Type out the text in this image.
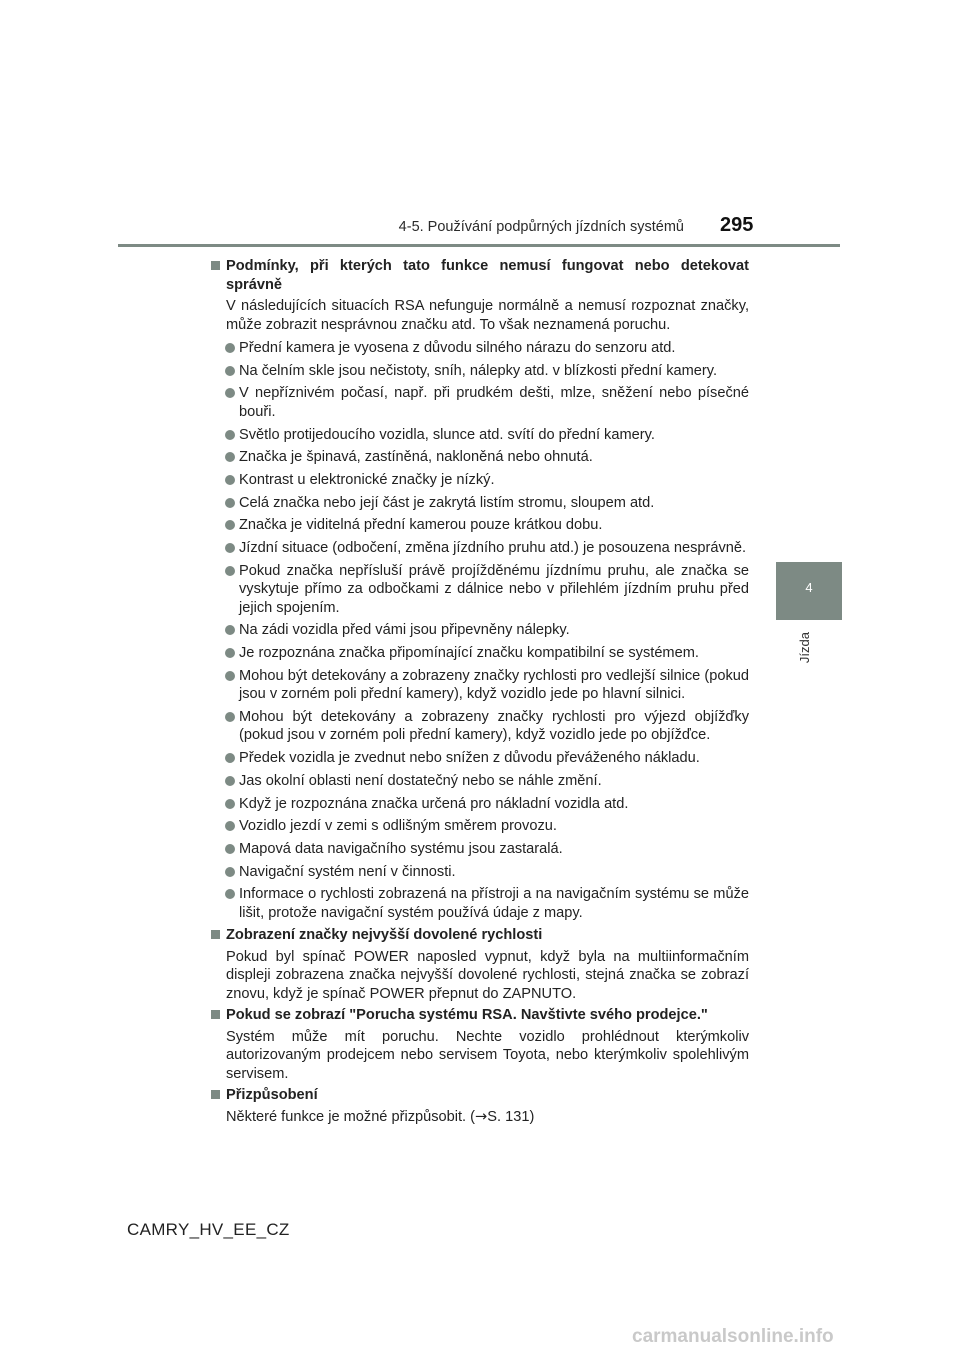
4-5. Používání podpůrných jízdních systémů 295
4
Jízda
Podmínky, při kterých tato funkce nemusí fungovat nebo detekovat správně
V následujících situacích RSA nefunguje normálně a nemusí rozpoznat značky, může zobrazit nesprávnou značku atd. To však neznamená poruchu.
Přední kamera je vyosena z důvodu silného nárazu do senzoru atd.
Na čelním skle jsou nečistoty, sníh, nálepky atd. v blízkosti přední kamery.
V nepříznivém počasí, např. při prudkém dešti, mlze, sněžení nebo písečné bouři.
Světlo protijedoucího vozidla, slunce atd. svítí do přední kamery.
Značka je špinavá, zastíněná, nakloněná nebo ohnutá.
Kontrast u elektronické značky je nízký.
Celá značka nebo její část je zakrytá listím stromu, sloupem atd.
Značka je viditelná přední kamerou pouze krátkou dobu.
Jízdní situace (odbočení, změna jízdního pruhu atd.) je posouzena nesprávně.
Pokud značka nepřísluší právě projížděnému jízdnímu pruhu, ale značka se vyskytuje přímo za odbočkami z dálnice nebo v přilehlém jízdním pruhu před jejich spojením.
Na zádi vozidla před vámi jsou připevněny nálepky.
Je rozpoznána značka připomínající značku kompatibilní se systémem.
Mohou být detekovány a zobrazeny značky rychlosti pro vedlejší silnice (pokud jsou v zorném poli přední kamery), když vozidlo jede po hlavní silnici.
Mohou být detekovány a zobrazeny značky rychlosti pro výjezd objížďky (pokud jsou v zorném poli přední kamery), když vozidlo jede po objížďce.
Předek vozidla je zvednut nebo snížen z důvodu převáženého nákladu.
Jas okolní oblasti není dostatečný nebo se náhle změní.
Když je rozpoznána značka určená pro nákladní vozidla atd.
Vozidlo jezdí v zemi s odlišným směrem provozu.
Mapová data navigačního systému jsou zastaralá.
Navigační systém není v činnosti.
Informace o rychlosti zobrazená na přístroji a na navigačním systému se může lišit, protože navigační systém používá údaje z mapy.
Zobrazení značky nejvyšší dovolené rychlosti
Pokud byl spínač POWER naposled vypnut, když byla na multiinformačním displeji zobrazena značka nejvyšší dovolené rychlosti, stejná značka se zobrazí znovu, když je spínač POWER přepnut do ZAPNUTO.
Pokud se zobrazí "Porucha systému RSA. Navštivte svého prodejce."
Systém může mít poruchu. Nechte vozidlo prohlédnout kterýmkoliv autorizovaným prodejcem nebo servisem Toyota, nebo kterýmkoliv spolehlivým servisem.
Přizpůsobení
Některé funkce je možné přizpůsobit. (→S. 131)
CAMRY_HV_EE_CZ
carmanualsonline.info
